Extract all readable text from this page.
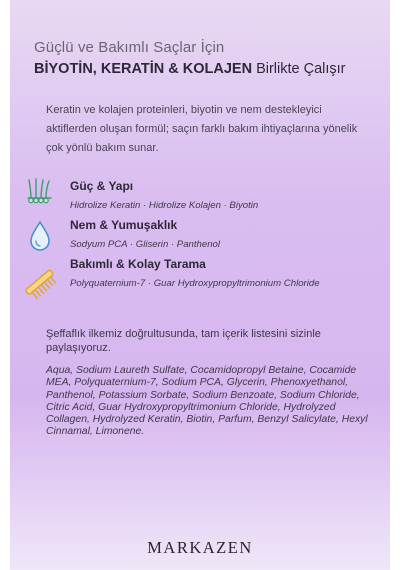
Güçlü ve Bakımlı Saçlar İçin
BİYOTİN, KERATİN & KOLAJEN Birlikte Çalışır
Keratin ve kolajen proteinleri, biyotin ve nem destekleyici aktiflerden oluşan formül; saçın farklı bakım ihtiyaçlarına yönelik çok yönlü bakım sunar.
Güç & Yapı
Hidrolize Keratin · Hidrolize Kolajen · Biyotin
Nem & Yumuşaklık
Sodyum PCA · Gliserin · Panthenol
Bakımlı & Kolay Tarama
Polyquaternium-7 · Guar Hydroxypropyltrimonium Chloride
Şeffaflık ilkemiz doğrultusunda, tam içerik listesini sizinle paylaşıyoruz.
Aqua, Sodium Laureth Sulfate, Cocamidopropyl Betaine, Cocamide MEA, Polyquaternium-7, Sodium PCA, Glycerin, Phenoxyethanol, Panthenol, Potassium Sorbate, Sodium Benzoate, Sodium Chloride, Citric Acid, Guar Hydroxypropyltrimonium Chloride, Hydrolyzed Collagen, Hydrolyzed Keratin, Biotin, Parfum, Benzyl Salicylate, Hexyl Cinnamal, Limonene.
MARKAZEN
